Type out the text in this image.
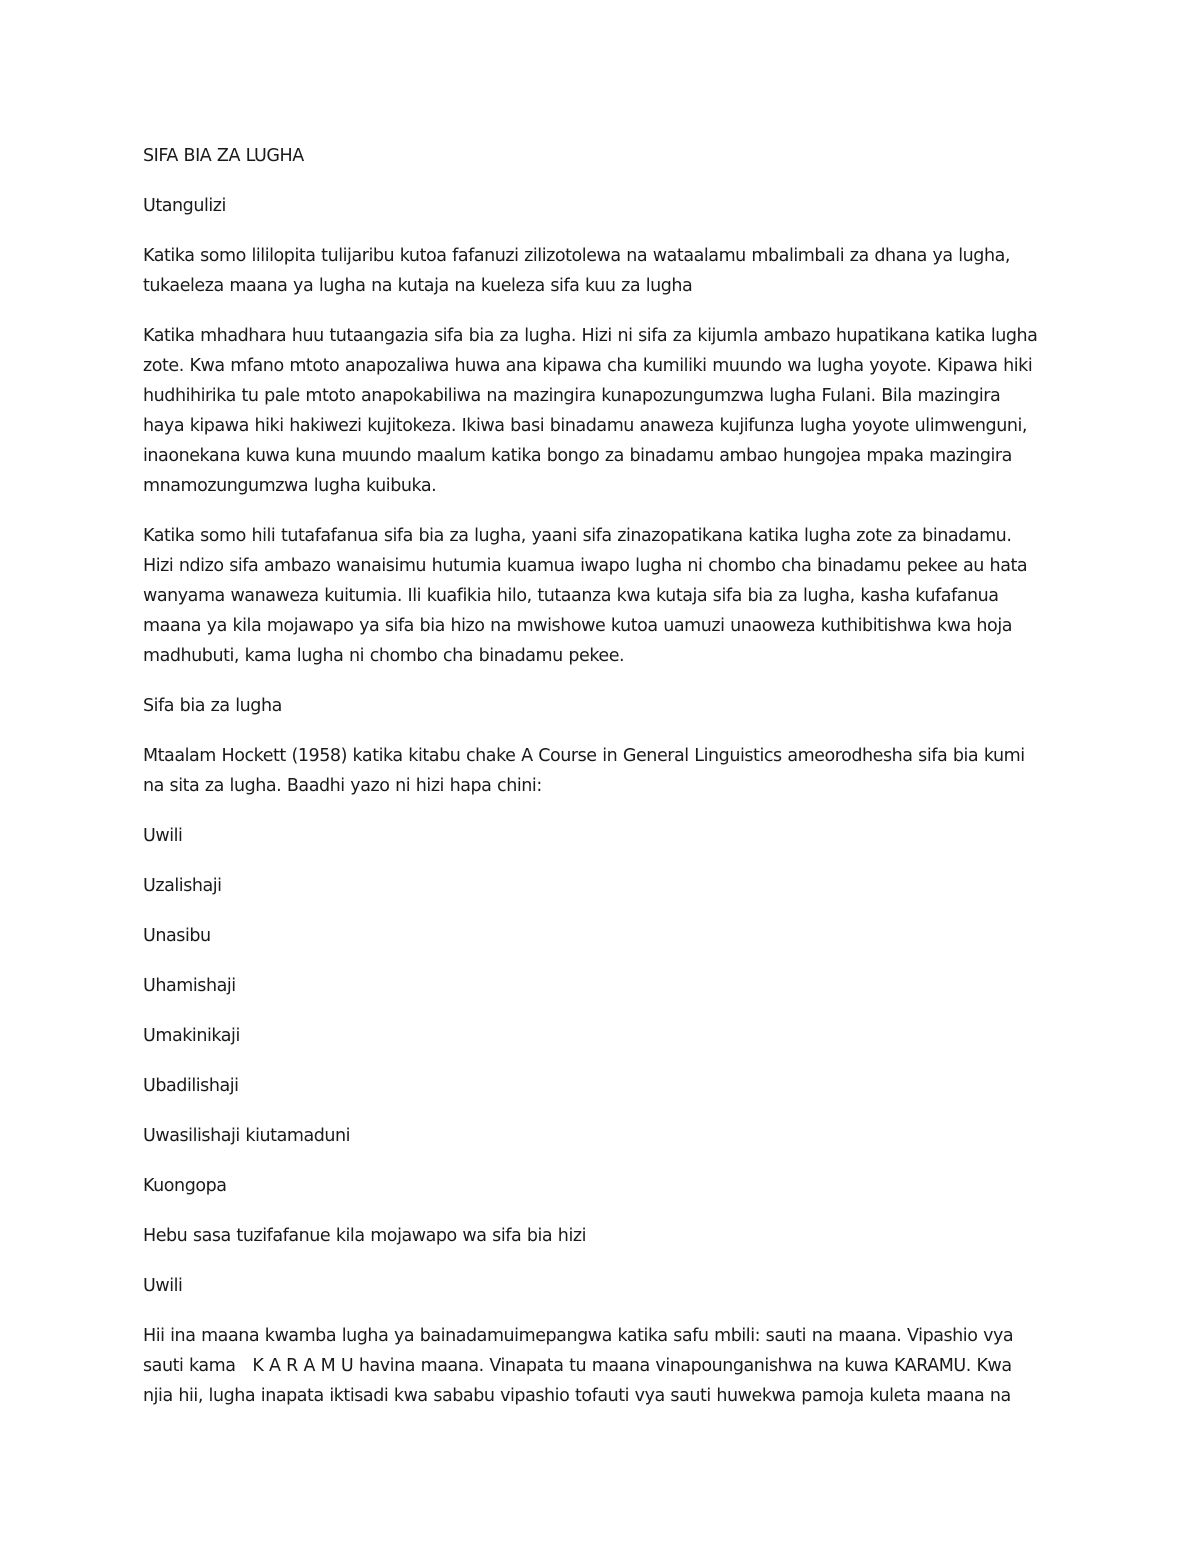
SIFA BIA ZA LUGHA

Utangulizi

Katika somo lililopita tulijaribu kutoa fafanuzi zilizotolewa na wataalamu mbalimbali za dhana ya lugha,
tukaeleza maana ya lugha na kutaja na kueleza sifa kuu za lugha

Katika mhadhara huu tutaangazia sifa bia za lugha. Hizi ni sifa za kijumla ambazo hupatikana katika lugha
zote. Kwa mfano mtoto anapozaliwa huwa ana kipawa cha kumiliki muundo wa lugha yoyote. Kipawa hiki
hudhihirika tu pale mtoto anapokabiliwa na mazingira kunapozungumzwa lugha Fulani. Bila mazingira
haya kipawa hiki hakiwezi kujitokeza. Ikiwa basi binadamu anaweza kujifunza lugha yoyote ulimwenguni,
inaonekana kuwa kuna muundo maalum katika bongo za binadamu ambao hungojea mpaka mazingira
mnamozungumzwa lugha kuibuka.

Katika somo hili tutafafanua sifa bia za lugha, yaani sifa zinazopatikana katika lugha zote za binadamu.
Hizi ndizo sifa ambazo wanaisimu hutumia kuamua iwapo lugha ni chombo cha binadamu pekee au hata
wanyama wanaweza kuitumia. Ili kuafikia hilo, tutaanza kwa kutaja sifa bia za lugha, kasha kufafanua
maana ya kila mojawapo ya sifa bia hizo na mwishowe kutoa uamuzi unaoweza kuthibitishwa kwa hoja
madhubuti, kama lugha ni chombo cha binadamu pekee.

Sifa bia za lugha

Mtaalam Hockett (1958) katika kitabu chake A Course in General Linguistics ameorodhesha sifa bia kumi
na sita za lugha. Baadhi yazo ni hizi hapa chini:

Uwili

Uzalishaji

Unasibu

Uhamishaji

Umakinikaji

Ubadilishaji

Uwasilishaji kiutamaduni

Kuongopa

Hebu sasa tuzifafanue kila mojawapo wa sifa bia hizi

Uwili

Hii ina maana kwamba lugha ya bainadamuimepangwa katika safu mbili: sauti na maana. Vipashio vya
sauti kama   K A R A M U havina maana. Vinapata tu maana vinapounganishwa na kuwa KARAMU. Kwa
njia hii, lugha inapata iktisadi kwa sababu vipashio tofauti vya sauti huwekwa pamoja kuleta maana na
